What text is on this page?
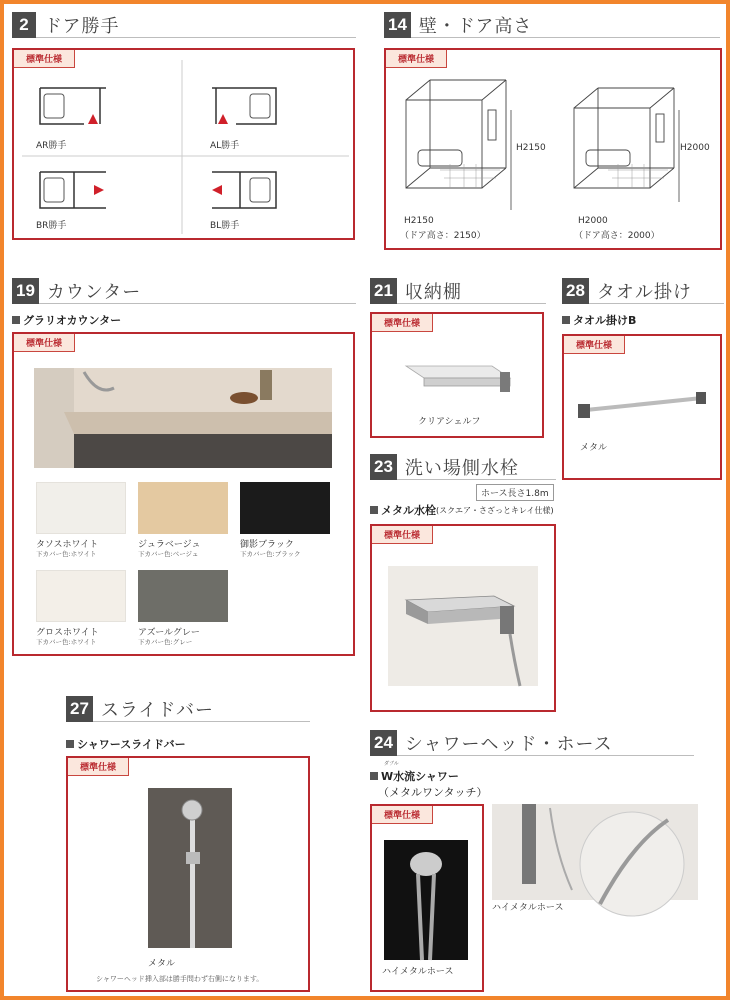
2 ドア勝手
標準仕様
AR勝手	AL勝手
BR勝手	BL勝手
14 壁・ドア高さ
標準仕様
H2150
H2150
（ドア高さ：2150）
H2000
H2000
（ドア高さ：2000）
19 カウンター
グラリオカウンター
標準仕様
タソスホワイト
下カバー色:ホワイト
ジュラベージュ
下カバー色:ベージュ
御影ブラック
下カバー色:ブラック
グロスホワイト
下カバー色:ホワイト
アズールグレー
下カバー色:グレー
21 収納棚
標準仕様
クリアシェルフ
28 タオル掛け
タオル掛けB
標準仕様
メタル
23 洗い場側水栓
ホース長さ1.8m
メタル水栓 (スクエア・さざっとキレイ仕様)
標準仕様
27 スライドバー
シャワースライドバー
標準仕様
メタル
シャワーヘッド挿入部は勝手問わず右側になります。
24 シャワーヘッド・ホース
ダブル
W水流シャワー
（メタルワンタッチ）
標準仕様
ハイメタルホース
ハイメタルホース
